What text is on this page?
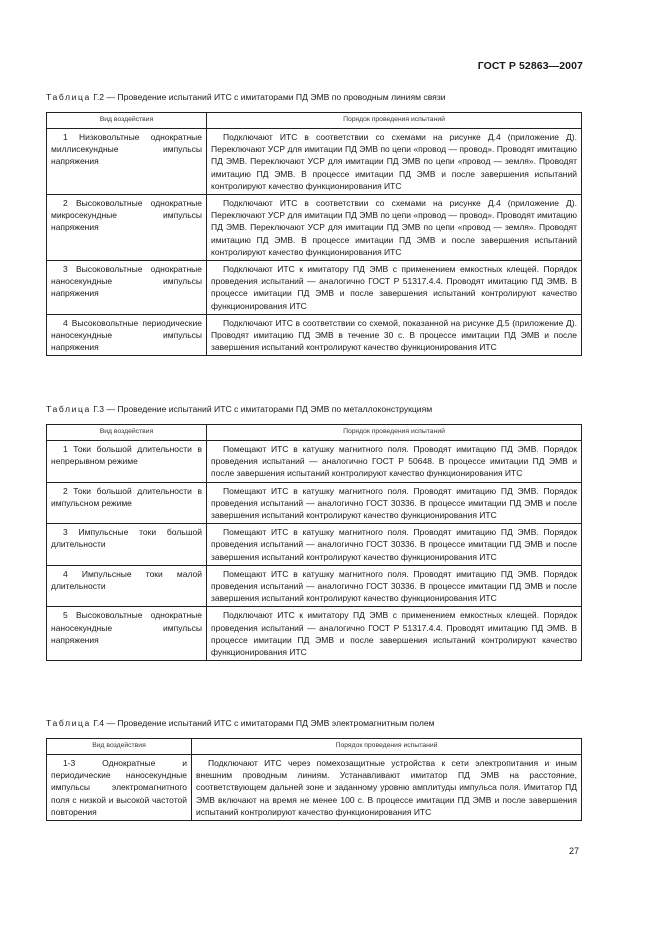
ГОСТ Р 52863—2007
Таблица Г.2 — Проведение испытаний ИТС с имитаторами ПД ЭМВ по проводным линиям связи
Вид воздействия	Порядок проведения испытаний
1 Низковольтные однократные миллисекундные импульсы напряжения	Подключают ИТС в соответствии со схемами на рисунке Д.4 (приложение Д). Переключают УСР для имитации ПД ЭМВ по цепи «провод — провод». Проводят имитацию ПД ЭМВ. Переключают УСР для имитации ПД ЭМВ по цепи «провод — земля». Проводят имитацию ПД ЭМВ. В процессе имитации ПД ЭМВ и после завершения испытаний контролируют качество функционирования ИТС
2 Высоковольтные однократные микросекундные импульсы напряжения	Подключают ИТС в соответствии со схемами на рисунке Д.4 (приложение Д). Переключают УСР для имитации ПД ЭМВ по цепи «провод — провод». Проводят имитацию ПД ЭМВ. Переключают УСР для имитации ПД ЭМВ по цепи «провод — земля». Проводят имитацию ПД ЭМВ. В процессе имитации ПД ЭМВ и после завершения испытаний контролируют качество функционирования ИТС
3 Высоковольтные однократные наносекундные импульсы напряжения	Подключают ИТС к имитатору ПД ЭМВ с применением емкостных клещей. Порядок проведения испытаний — аналогично ГОСТ Р 51317.4.4. Проводят имитацию ПД ЭМВ. В процессе имитации ПД ЭМВ и после завершения испытаний контролируют качество функционирования ИТС
4 Высоковольтные периодические наносекундные импульсы напряжения	Подключают ИТС в соответствии со схемой, показанной на рисунке Д.5 (приложение Д). Проводят имитацию ПД ЭМВ в течение 30 с. В процессе имитации ПД ЭМВ и после завершения испытаний контролируют качество функционирования ИТС
Таблица Г.3 — Проведение испытаний ИТС с имитаторами ПД ЭМВ по металлоконструкциям
Вид воздействия	Порядок проведения испытаний
1 Токи большой длительности в непрерывном режиме	Помещают ИТС в катушку магнитного поля. Проводят имитацию ПД ЭМВ. Порядок проведения испытаний — аналогично ГОСТ Р 50648. В процессе имитации ПД ЭМВ и после завершения испытаний контролируют качество функционирования ИТС
2 Токи большой длительности в импульсном режиме	Помещают ИТС в катушку магнитного поля. Проводят имитацию ПД ЭМВ. Порядок проведения испытаний — аналогично ГОСТ 30336. В процессе имитации ПД ЭМВ и после завершения испытаний контролируют качество функционирования ИТС
3 Импульсные токи большой длительности	Помещают ИТС в катушку магнитного поля. Проводят имитацию ПД ЭМВ. Порядок проведения испытаний — аналогично ГОСТ 30336. В процессе имитации ПД ЭМВ и после завершения испытаний контролируют качество функционирования ИТС
4 Импульсные токи малой длительности	Помещают ИТС в катушку магнитного поля. Проводят имитацию ПД ЭМВ. Порядок проведения испытаний — аналогично ГОСТ 30336. В процессе имитации ПД ЭМВ и после завершения испытаний контролируют качество функционирования ИТС
5 Высоковольтные однократные наносекундные импульсы напряжения	Подключают ИТС к имитатору ПД ЭМВ с применением емкостных клещей. Порядок проведения испытаний — аналогично ГОСТ Р 51317.4.4. Проводят имитацию ПД ЭМВ. В процессе имитации ПД ЭМВ и после завершения испытаний контролируют качество функционирования ИТС
Таблица Г.4 — Проведение испытаний ИТС с имитаторами ПД ЭМВ электромагнитным полем
Вид воздействия	Порядок проведения испытаний
1-3 Однократные и периодические наносекундные импульсы электромагнитного поля с низкой и высокой частотой повторения	Подключают ИТС через помехозащитные устройства к сети электропитания и иным внешним проводным линиям. Устанавливают имитатор ПД ЭМВ на расстояние, соответствующем дальней зоне и заданному уровню амплитуды импульса поля. Имитатор ПД ЭМВ включают на время не менее 100 с. В процессе имитации ПД ЭМВ и после завершения испытаний контролируют качество функционирования ИТС
27
